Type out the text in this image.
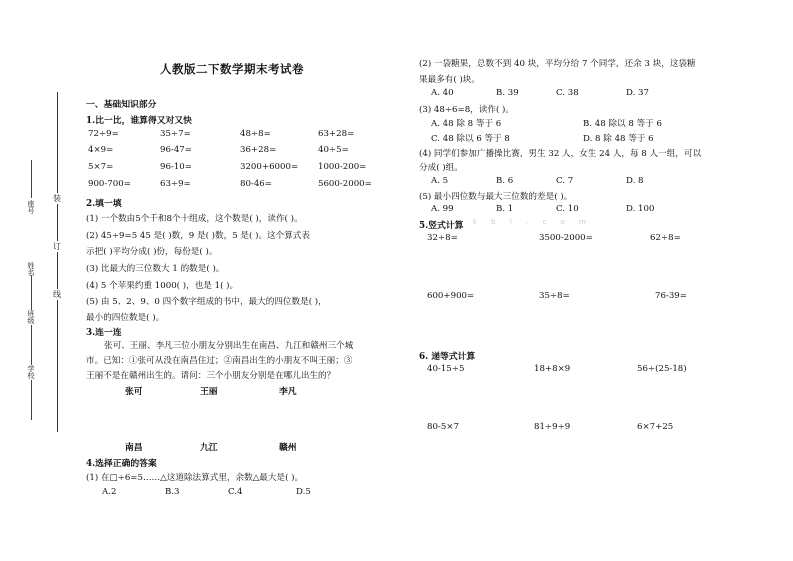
人教版二下数学期末考试卷
学校
班级
姓名
座号
装
订
线
一、基础知识部分
1.比一比，谁算得又对又快
72÷9=	35÷7=	48÷8=	63+28=
4×9=	96-47=	36+28=	40÷5=
5×7=	96-10=	3200+6000= 1000-200=
900-700=	63÷9=	80-46=	5600-2000=
2.填一填
(1) 一个数由5个千和8个十组成，这个数是( )，读作( )。
(2) 45÷9=5 45 是( )数，9 是( )数，5 是( )。这个算式表
示把( )平均分成( )份，每份是( )。
(3) 比最大的三位数大 1 的数是( )。
(4) 5 个苹果约重 1000( )，也是 1( )。
(5) 由 5、2、9、0 四个数字组成的书中，最大的四位数是( )，
最小的四位数是( )。
3.连一连
张可、王丽、李凡三位小朋友分别出生在南昌、九江和赣州三个城
市。已知：①张可从没在南昌住过；②南昌出生的小朋友不叫王丽；③
王丽不是在赣州出生的。请问：三个小朋友分别是在哪儿出生的？
张可	王丽	李凡
南昌	九江	赣州
4.选择正确的答案
(1) 在□÷6=5……△这道除法算式里，余数△最大是( )。
A.2	B.3	C.4	D.5
(2) 一袋糖果，总数不到 40 块，平均分给 7 个同学，还余 3 块，这袋糖
果最多有( )块。
A. 40	B. 39	C. 38	D. 37
(3) 48÷6=8，读作( )。
A. 48 除 8 等于 6	B. 48 除以 8 等于 6
C. 48 除以 6 等于 8	D. 8 除 48 等于 6
(4) 同学们参加广播操比赛，男生 32 人，女生 24 人，每 8 人一组，可以
分成( )组。
A. 5	B. 6	C. 7	D. 8
(5) 最小四位数与最大三位数的差是( )。
A. 99	B. 1	C. 10	D. 100
s k b l . c o m
5.竖式计算
32÷8=	3500-2000=	62÷8=
600+900=	35÷8=	76-39=
6. 递等式计算
40-15÷5	18+8×9	56÷(25-18)
80-5×7	81÷9÷9	6×7+25
